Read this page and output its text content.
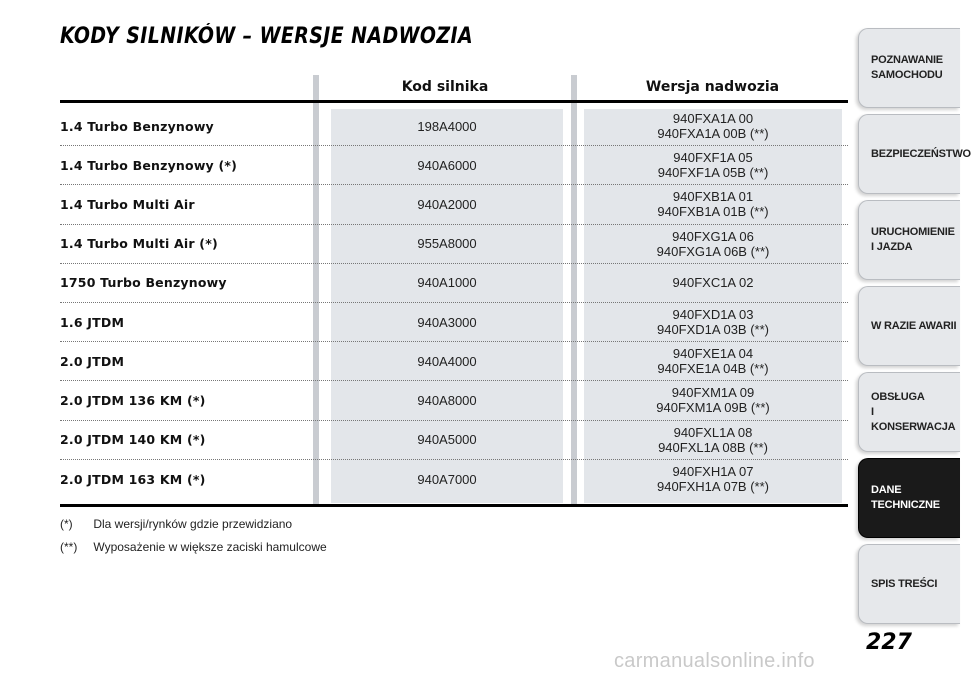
KODY SILNIKÓW – WERSJE NADWOZIA
Kod silnika	Wersja nadwozia
1.4 Turbo Benzynowy	198A4000	940FXA1A 00
940FXA1A 00B (**)
1.4 Turbo Benzynowy (*)	940A6000	940FXF1A 05
940FXF1A 05B (**)
1.4 Turbo Multi Air	940A2000	940FXB1A 01
940FXB1A 01B (**)
1.4 Turbo Multi Air (*)	955A8000	940FXG1A 06
940FXG1A 06B (**)
1750 Turbo Benzynowy	940A1000	940FXC1A 02
1.6 JTDM	940A3000	940FXD1A 03
940FXD1A 03B (**)
2.0 JTDM	940A4000	940FXE1A 04
940FXE1A 04B (**)
2.0 JTDM 136 KM (*)	940A8000	940FXM1A 09
940FXM1A 09B (**)
2.0 JTDM 140 KM (*)	940A5000	940FXL1A 08
940FXL1A 08B (**)
2.0 JTDM 163 KM (*)	940A7000	940FXH1A 07
940FXH1A 07B (**)
(*) Dla wersji/rynków gdzie przewidziano
(**) Wyposażenie w większe zaciski hamulcowe
POZNAWANIE
SAMOCHODU
BEZPIECZEŃSTWO
URUCHOMIENIE
I JAZDA
W RAZIE AWARII
OBSŁUGA
I KONSERWACJA
DANE
TECHNICZNE
SPIS TREŚCI
227
carmanualsonline.info
